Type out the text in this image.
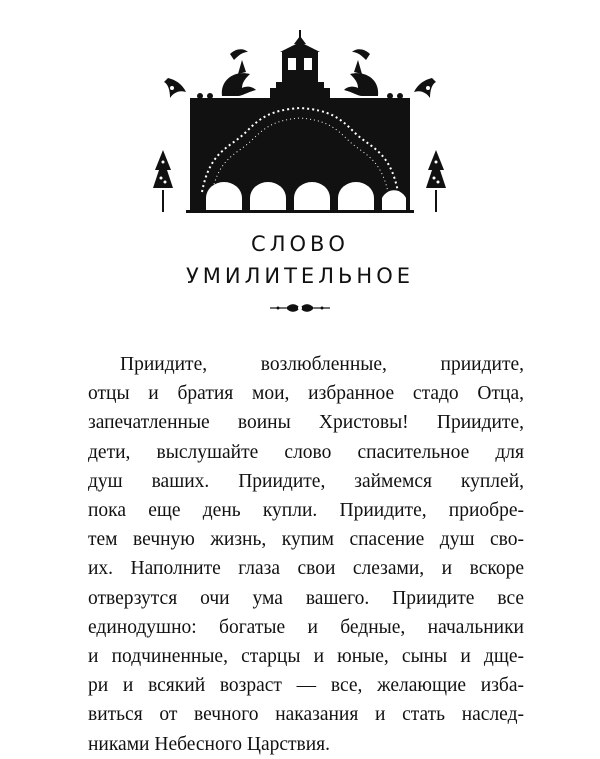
СЛОВО
УМИЛИТЕЛЬНОЕ
Приидите, возлюбленные, приидите,
отцы и братия мои, избранное стадо Отца,
запечатленные воины Христовы! Приидите,
дети, выслушайте слово спасительное для
душ ваших. Приидите, займемся куплей,
пока еще день купли. Приидите, приобре-
тем вечную жизнь, купим спасение душ сво-
их. Наполните глаза свои слезами, и вскоре
отверзутся очи ума вашего. Приидите все
единодушно: богатые и бедные, начальники
и подчиненные, старцы и юные, сыны и дще-
ри и всякий возраст — все, желающие изба-
виться от вечного наказания и стать наслед-
никами Небесного Царствия.
